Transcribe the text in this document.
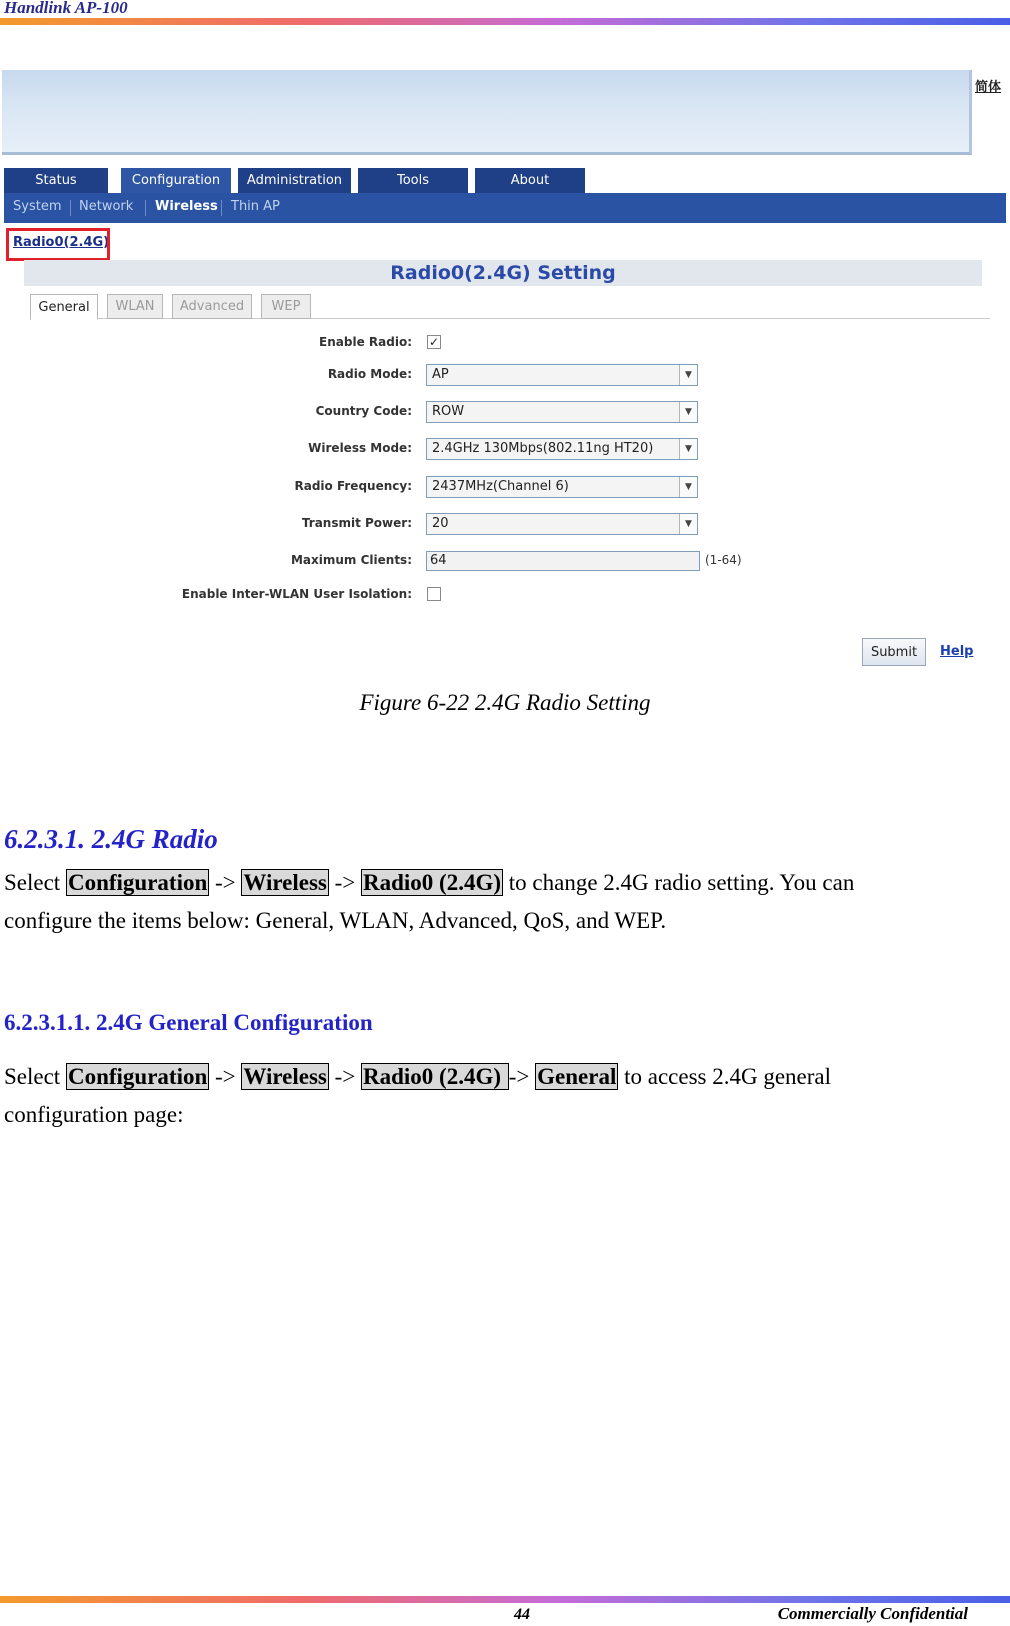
Handlink AP-100
简体
Status	Configuration	Administration	Tools	About
System Network Wireless Thin AP
Radio0(2.4G)
Radio0(2.4G) Setting
General	WLAN	Advanced	WEP
Enable Radio: ✓
Radio Mode:	AP	▼
Country Code:	ROW	▼
Wireless Mode:	2.4GHz 130Mbps(802.11ng HT20)	▼
Radio Frequency:	2437MHz(Channel 6)	▼
Transmit Power:	20	▼
Maximum Clients:	64	(1-64)
Enable Inter-WLAN User Isolation:
Submit	Help
Figure 6-22 2.4G Radio Setting
6.2.3.1. 2.4G Radio
Select Configuration -> Wireless -> Radio0 (2.4G) to change 2.4G radio setting. You can
configure the items below: General, WLAN, Advanced, QoS, and WEP.
6.2.3.1.1. 2.4G General Configuration
Select Configuration -> Wireless -> Radio0 (2.4G) -> General to access 2.4G general
configuration page:
44	Commercially Confidential
